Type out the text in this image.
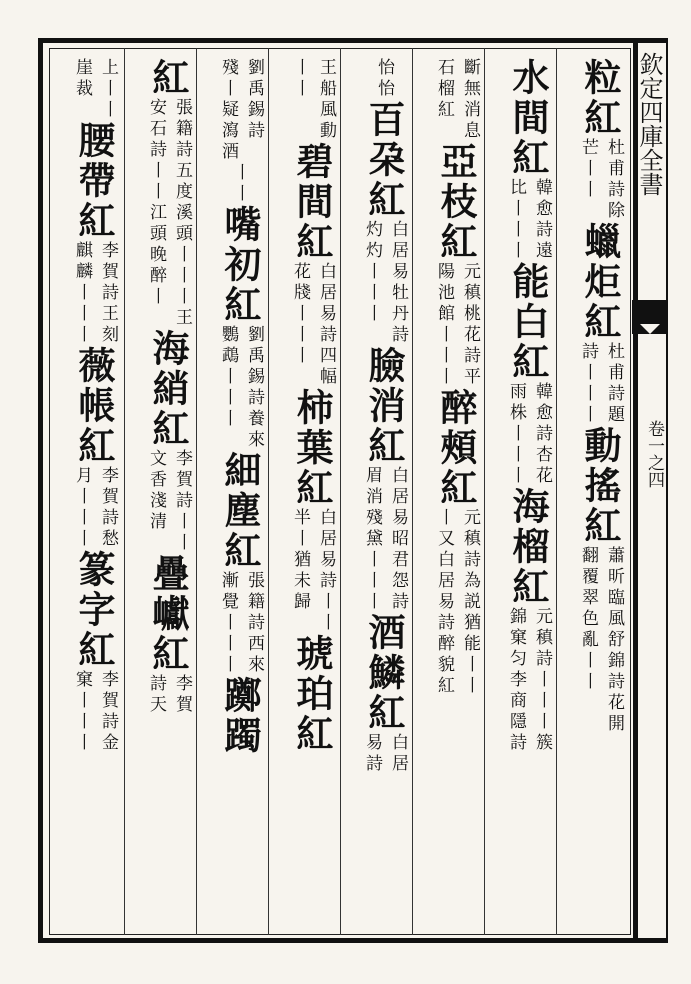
欽定四庫全書
卷一之四
粒紅
杜甫詩除
芒丨丨
蠟炬紅
杜甫詩題
詩丨丨丨
動搖紅
蕭昕臨風舒錦詩花開
翻覆翠色亂丨丨
水間紅
韓愈詩遠
比丨丨丨
能白紅
韓愈詩杏花
雨株丨丨丨
海榴紅
元稹詩丨丨丨簇
錦窠匀李商隱詩
斷無消息
石榴紅
亞枝紅
元稹桃花詩平
陽池館丨丨丨
醉頰紅
元稹詩為説猶能丨丨
丨又白居易詩醉貌紅
怡怡百朶紅
白居易牡丹詩
灼灼丨丨丨
臉消紅
白居易昭君怨詩
眉消殘黛丨丨丨
酒鱗紅
白居
易詩
王船風動
丨丨
碧間紅
白居易詩四幅
花牋丨丨丨
柿葉紅
白居易詩丨丨
半丨猶未歸
琥珀紅
劉禹錫詩
殘丨疑瀉酒
丨丨嘴初紅
劉禹錫詩養來
鸚鵡丨丨丨
細塵紅
張籍詩西來
漸覺丨丨丨
躑躅
紅
張籍詩五度溪頭丨丨丨王
安石詩丨丨江頭晚醉丨
海綃紅
李賀詩丨丨
文香淺清
疊巘紅
李賀
詩天
上丨丨
崖裁
腰帶紅
李賀詩王刻
麒麟丨丨丨
薇帳紅
李賀詩愁
月丨丨丨
篆字紅
李賀詩金
窠丨丨丨
